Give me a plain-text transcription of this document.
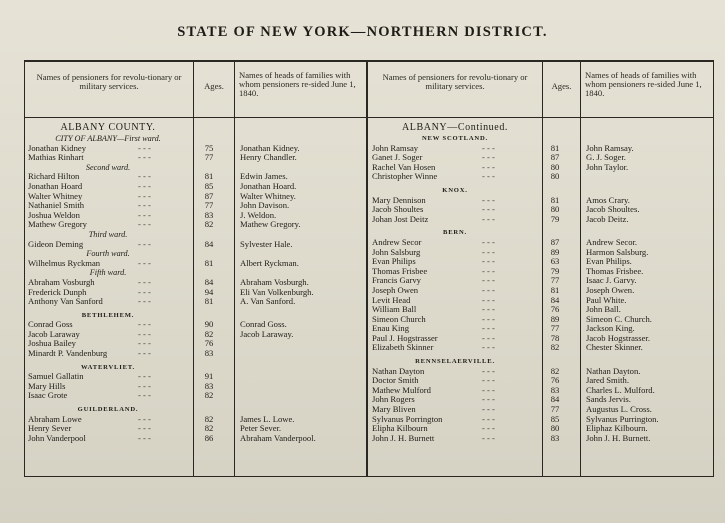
STATE OF NEW YORK—NORTHERN DISTRICT.
Names of pensioners for revolu-tionary or military services.	Ages.
Names of heads of families with whom pensioners re-sided June 1, 1840.
Names of pensioners for revolu-tionary or military services.	Ages.
Names of heads of families with whom pensioners re-sided June 1, 1840.
ALBANY COUNTY.
CITY OF ALBANY—First ward.
Jonathan Kidney	- - -	75	Jonathan Kidney.
Mathias Rinhart	- - -	77	Henry Chandler.
Second ward.
Richard Hilton	- - -	81	Edwin James.
Jonathan Hoard	- - -	85	Jonathan Hoard.
Walter Whitney	- - -	87	Walter Whitney.
Nathaniel Smith	- - -	77	John Davison.
Joshua Weldon	- - -	83	J. Weldon.
Mathew Gregory	- - -	82	Mathew Gregory.
Third ward.
Gideon Deming	- - -	84	Sylvester Hale.
Fourth ward.
Wilhelmus Ryckman	- - -	81	Albert Ryckman.
Fifth ward.
Abraham Vosburgh	- - -	84	Abraham Vosburgh.
Frederick Dunph	- - -	94	Eli Van Volkenburgh.
Anthony Van Sanford	- - -	81	A. Van Sanford.
BETHLEHEM.
Conrad Goss	- - -	90	Conrad Goss.
Jacob Laraway	- - -	82	Jacob Laraway.
Joshua Bailey	- - -	76
Minardt P. Vandenburg	- - -	83
WATERVLIET.
Samuel Gallatin	- - -	91
Mary Hills	- - -	83
Isaac Grote	- - -	82
GUILDERLAND.
Abraham Lowe	- - -	82	James L. Lowe.
Henry Sever	- - -	82	Peter Sever.
John Vanderpool	- - -	86	Abraham Vanderpool.
ALBANY—Continued.
NEW SCOTLAND.
John Ramsay	- - -	81	John Ramsay.
Ganet J. Soger	- - -	87	G. J. Soger.
Rachel Van Hosen	- - -	80	John Taylor.
Christopher Winne	- - -	80
KNOX.
Mary Dennison	- - -	81	Amos Crary.
Jacob Shoultes	- - -	80	Jacob Shoultes.
Johan Jost Deitz	- - -	79	Jacob Deitz.
BERN.
Andrew Secor	- - -	87	Andrew Secor.
John Salsburg	- - -	89	Harmon Salsburg.
Evan Philips	- - -	63	Evan Philips.
Thomas Frisbee	- - -	79	Thomas Frisbee.
Francis Garvy	- - -	77	Isaac J. Garvy.
Joseph Owen	- - -	81	Joseph Owen.
Levit Head	- - -	84	Paul White.
William Ball	- - -	76	John Ball.
Simeon Church	- - -	89	Simeon C. Church.
Enau King	- - -	77	Jackson King.
Paul J. Hogstrasser	- - -	78	Jacob Hogstrasser.
Elizabeth Skinner	- - -	82	Chester Skinner.
RENNSELAERVILLE.
Nathan Dayton	- - -	82	Nathan Dayton.
Doctor Smith	- - -	76	Jared Smith.
Mathew Mulford	- - -	83	Charles L. Mulford.
John Rogers	- - -	84	Sands Jervis.
Mary Bliven	- - -	77	Augustus L. Cross.
Sylvanus Porrington	- - -	85	Sylvanus Purrington.
Elipha Kilbourn	- - -	80	Eliphaz Kilbourn.
John J. H. Burnett	- - -	83	John J. H. Burnett.
